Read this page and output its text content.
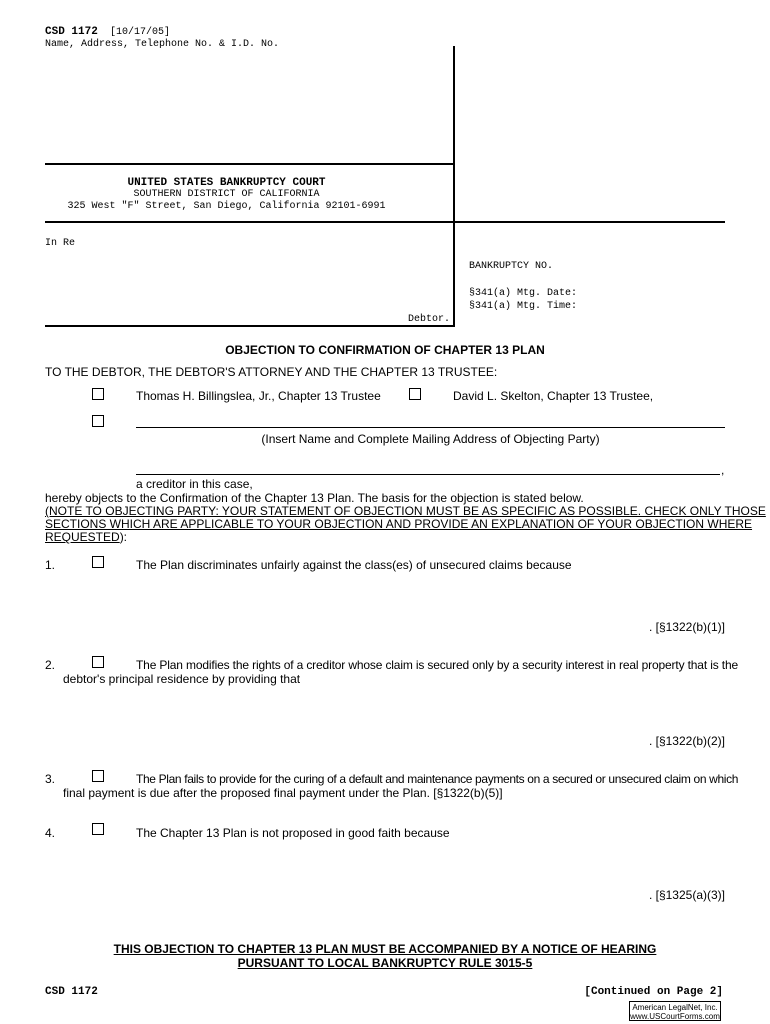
CSD 1172 [10/17/05]
Name, Address, Telephone No. & I.D. No.
UNITED STATES BANKRUPTCY COURT
SOUTHERN DISTRICT OF CALIFORNIA
325 West "F" Street, San Diego, California 92101-6991
In Re
Debtor.
BANKRUPTCY NO.
§341(a) Mtg. Date:
§341(a) Mtg. Time:
OBJECTION TO CONFIRMATION OF CHAPTER 13 PLAN
TO THE DEBTOR, THE DEBTOR'S ATTORNEY AND THE CHAPTER 13 TRUSTEE:
Thomas H. Billingslea, Jr., Chapter 13 Trustee	David L. Skelton, Chapter 13 Trustee,
(Insert Name and Complete Mailing Address of Objecting Party)
,
a creditor in this case,
hereby objects to the Confirmation of the Chapter 13 Plan. The basis for the objection is stated below.
(NOTE TO OBJECTING PARTY: YOUR STATEMENT OF OBJECTION MUST BE AS SPECIFIC AS POSSIBLE. CHECK ONLY THOSE
SECTIONS WHICH ARE APPLICABLE TO YOUR OBJECTION AND PROVIDE AN EXPLANATION OF YOUR OBJECTION WHERE
REQUESTED):
1.	The Plan discriminates unfairly against the class(es) of unsecured claims because
. [§1322(b)(1)]
2.	The Plan modifies the rights of a creditor whose claim is secured only by a security interest in real property that is the
debtor's principal residence by providing that
. [§1322(b)(2)]
3.	The Plan fails to provide for the curing of a default and maintenance payments on a secured or unsecured claim on which
final payment is due after the proposed final payment under the Plan. [§1322(b)(5)]
4.	The Chapter 13 Plan is not proposed in good faith because
. [§1325(a)(3)]
THIS OBJECTION TO CHAPTER 13 PLAN MUST BE ACCOMPANIED BY A NOTICE OF HEARING
PURSUANT TO LOCAL BANKRUPTCY RULE 3015-5
CSD 1172	[Continued on Page 2]
American LegalNet, Inc.
www.USCourtForms.com
